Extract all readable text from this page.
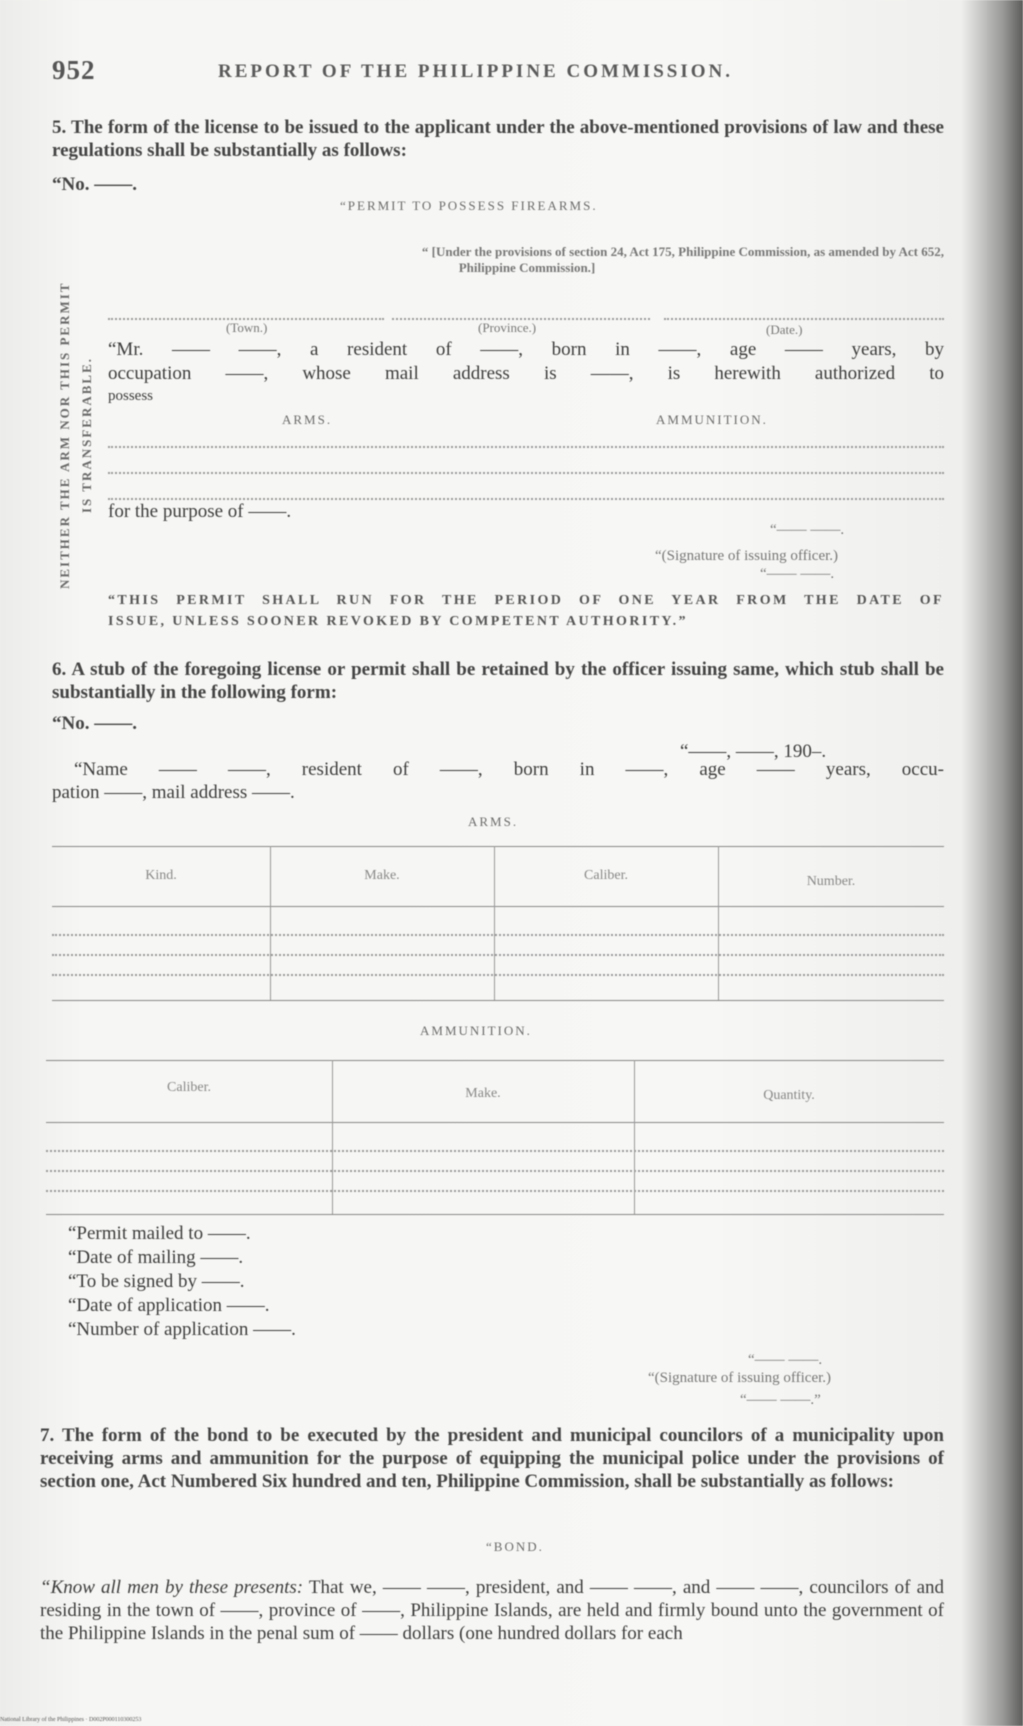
952	REPORT OF THE PHILIPPINE COMMISSION.
5. The form of the license to be issued to the applicant under the above-mentioned provisions of law and these regulations shall be substantially as follows:
“No. ——.
“PERMIT TO POSSESS FIREARMS.
NEITHER THE ARM NOR THIS PERMIT IS TRANSFERABLE.
“ [Under the provisions of section 24, Act 175, Philippine Commission, as amended by Act 652,
Philippine Commission.]
(Town.)	(Province.)	(Date.)
“Mr. —— ——, a resident of ——, born in ——, age —— years, by
occupation ——, whose mail address is ——, is herewith authorized to
possess
ARMS.	AMMUNITION.
for the purpose of ——.
“—— ——.
“(Signature of issuing officer.)
“—— ——.
“THIS PERMIT SHALL RUN FOR THE PERIOD OF ONE YEAR FROM THE DATE OF
ISSUE, UNLESS SOONER REVOKED BY COMPETENT AUTHORITY.”
6. A stub of the foregoing license or permit shall be retained by the officer issuing same, which stub shall be substantially in the following form:
“No. ——.
“——, ——, 190–.
“Name —— ——, resident of ——, born in ——, age —— years, occu-
pation ——, mail address ——.
ARMS.
Kind.	Make.	Caliber.	Number.
AMMUNITION.
Caliber.	Make.	Quantity.
“Permit mailed to ——.
“Date of mailing ——.
“To be signed by ——.
“Date of application ——.
“Number of application ——.
“—— ——.
“(Signature of issuing officer.)
“—— ——.”
7. The form of the bond to be executed by the president and municipal councilors of a municipality upon receiving arms and ammunition for the purpose of equipping the municipal police under the provisions of section one, Act Numbered Six hundred and ten, Philippine Commission, shall be substantially as follows:
“BOND.
“Know all men by these presents: That we, —— ——, president, and —— ——, and —— ——, councilors of and residing in the town of ——, province of ——, Philippine Islands, are held and firmly bound unto the government of the Philippine Islands in the penal sum of —— dollars (one hundred dollars for each
National Library of the Philippines · D002P000110300253
